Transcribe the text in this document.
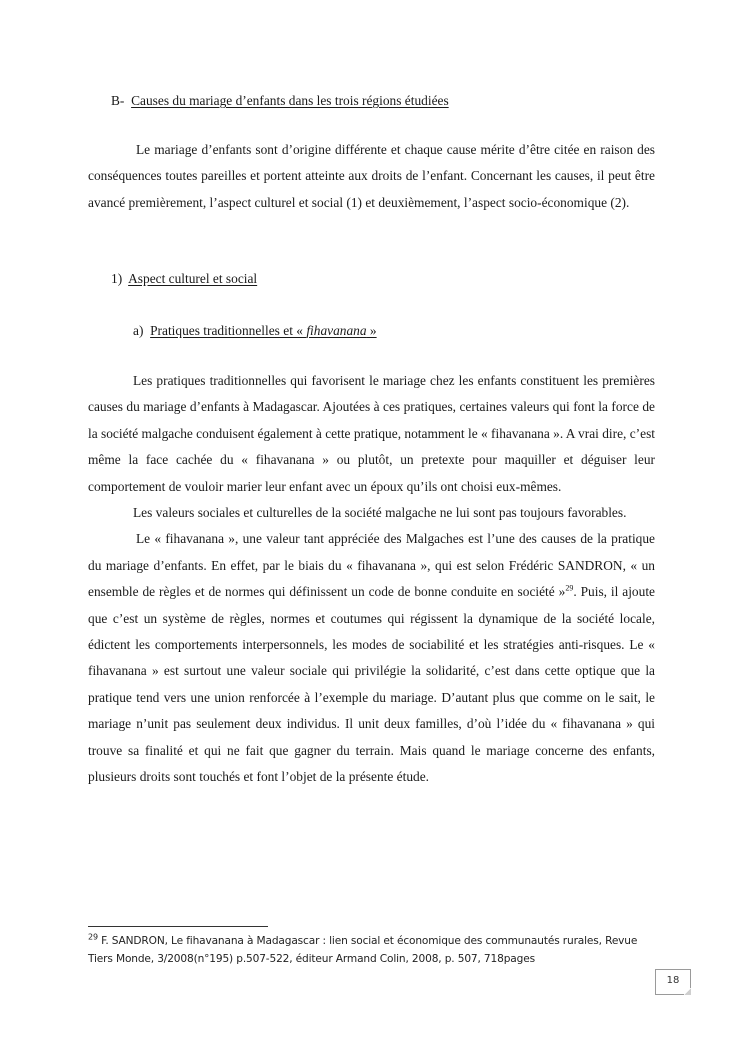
B- Causes du mariage d’enfants dans les trois régions étudiées

Le mariage d’enfants sont d’origine différente et chaque cause mérite d’être citée en raison des conséquences toutes pareilles et portent atteinte aux droits de l’enfant. Concernant les causes, il peut être avancé premièrement, l’aspect culturel et social (1) et deuxièmement, l’aspect socio-économique (2).

1) Aspect culturel et social
a) Pratiques traditionnelles et « fihavanana »

Les pratiques traditionnelles qui favorisent le mariage chez les enfants constituent les premières causes du mariage d’enfants à Madagascar. Ajoutées à ces pratiques, certaines valeurs qui font la force de la société malgache conduisent également à cette pratique, notamment le « fihavanana ». A vrai dire, c’est même la face cachée du « fihavanana » ou plutôt, un pretexte pour maquiller et déguiser leur comportement de vouloir marier leur enfant avec un époux qu’ils ont choisi eux-mêmes.

Les valeurs sociales et culturelles de la société malgache ne lui sont pas toujours favorables.

Le « fihavanana », une valeur tant appréciée des Malgaches est l’une des causes de la pratique du mariage d’enfants. En effet, par le biais du « fihavanana », qui est selon Frédéric SANDRON, « un ensemble de règles et de normes qui définissent un code de bonne conduite en société »$^{29}$. Puis, il ajoute que c’est un système de règles, normes et coutumes qui régissent la dynamique de la société locale, édictent les comportements interpersonnels, les modes de sociabilité et les stratégies anti-risques. Le « fihavanana » est surtout une valeur sociale qui privilégie la solidarité, c’est dans cette optique que la pratique tend vers une union renforcée à l’exemple du mariage. D’autant plus que comme on le sait, le mariage n’unit pas seulement deux individus. Il unit deux familles, d’où l’idée du « fihavanana » qui trouve sa finalité et qui ne fait que gagner du terrain. Mais quand le mariage concerne des enfants, plusieurs droits sont touchés et font l’objet de la présente étude.

$^{29}$ F. SANDRON, Le fihavanana à Madagascar : lien social et économique des communautés rurales, Revue Tiers Monde, 3/2008(n°195) p.507-522, éditeur Armand Colin, 2008, p. 507, 718pages
18
